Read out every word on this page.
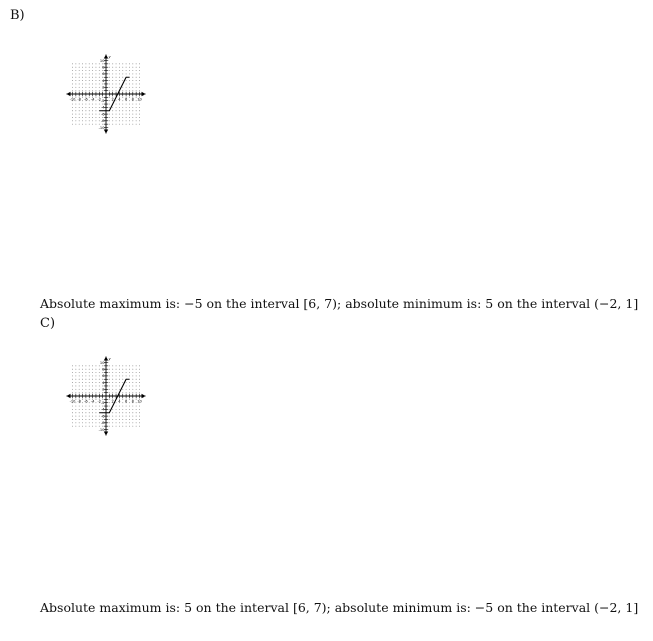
B)
-10 -8 -6 -4 -2	2 4 6 8 10
10
8
6
4
2
-2
-4
-6
-8
-10
x
y
Absolute maximum is: −5 on the interval [6, 7); absolute minimum is: 5 on the interval (−2, 1]
C)
-10 -8 -6 -4 -2	2 4 6 8 10
10
8
6
4
2
-2
-4
-6
-8
-10
x
y
Absolute maximum is: 5 on the interval [6, 7); absolute minimum is: −5 on the interval (−2, 1]
